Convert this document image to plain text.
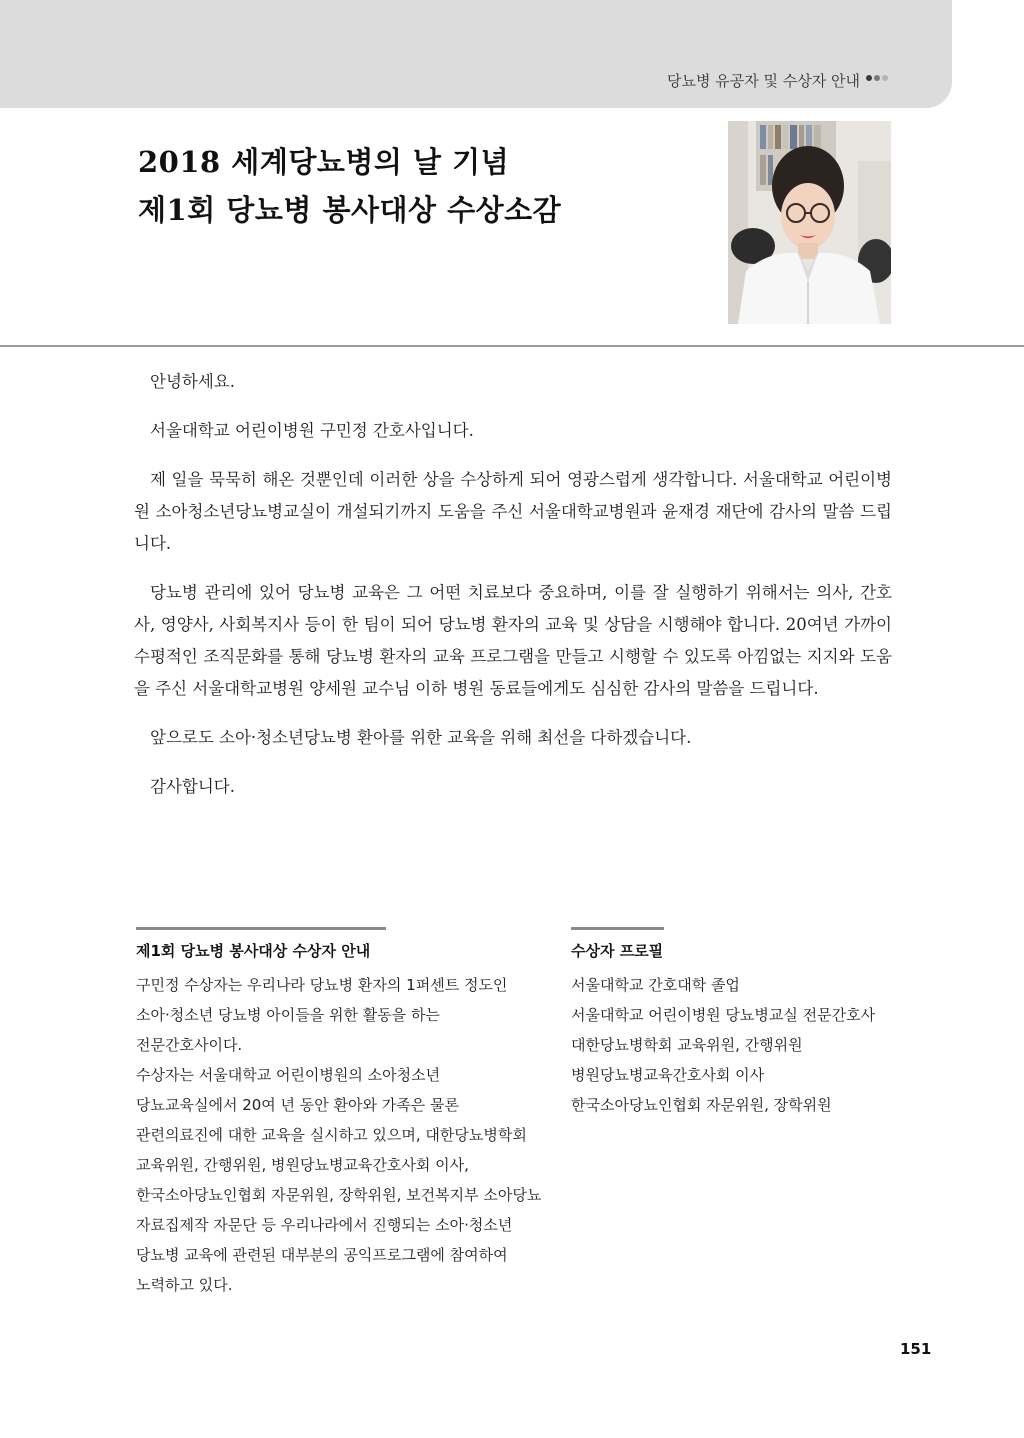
당뇨병 유공자 및 수상자 안내
2018 세계당뇨병의 날 기념
제1회 당뇨병 봉사대상 수상소감

안녕하세요.

서울대학교 어린이병원 구민정 간호사입니다.

제 일을 묵묵히 해온 것뿐인데 이러한 상을 수상하게 되어 영광스럽게 생각합니다. 서울대학교 어린이병원 소아청소년당뇨병교실이 개설되기까지 도움을 주신 서울대학교병원과 윤재경 재단에 감사의 말씀 드립니다.

당뇨병 관리에 있어 당뇨병 교육은 그 어떤 치료보다 중요하며, 이를 잘 실행하기 위해서는 의사, 간호사, 영양사, 사회복지사 등이 한 팀이 되어 당뇨병 환자의 교육 및 상담을 시행해야 합니다. 20여년 가까이 수평적인 조직문화를 통해 당뇨병 환자의 교육 프로그램을 만들고 시행할 수 있도록 아낌없는 지지와 도움을 주신 서울대학교병원 양세원 교수님 이하 병원 동료들에게도 심심한 감사의 말씀을 드립니다.

앞으로도 소아·청소년당뇨병 환아를 위한 교육을 위해 최선을 다하겠습니다.

감사합니다.

제1회 당뇨병 봉사대상 수상자 안내
구민정 수상자는 우리나라 당뇨병 환자의 1퍼센트 정도인
소아·청소년 당뇨병 아이들을 위한 활동을 하는
전문간호사이다.
수상자는 서울대학교 어린이병원의 소아청소년
당뇨교육실에서 20여 년 동안 환아와 가족은 물론
관련의료진에 대한 교육을 실시하고 있으며, 대한당뇨병학회
교육위원, 간행위원, 병원당뇨병교육간호사회 이사,
한국소아당뇨인협회 자문위원, 장학위원, 보건복지부 소아당뇨
자료집제작 자문단 등 우리나라에서 진행되는 소아·청소년
당뇨병 교육에 관련된 대부분의 공익프로그램에 참여하여
노력하고 있다.
수상자 프로필
서울대학교 간호대학 졸업
서울대학교 어린이병원 당뇨병교실 전문간호사
대한당뇨병학회 교육위원, 간행위원
병원당뇨병교육간호사회 이사
한국소아당뇨인협회 자문위원, 장학위원
151
